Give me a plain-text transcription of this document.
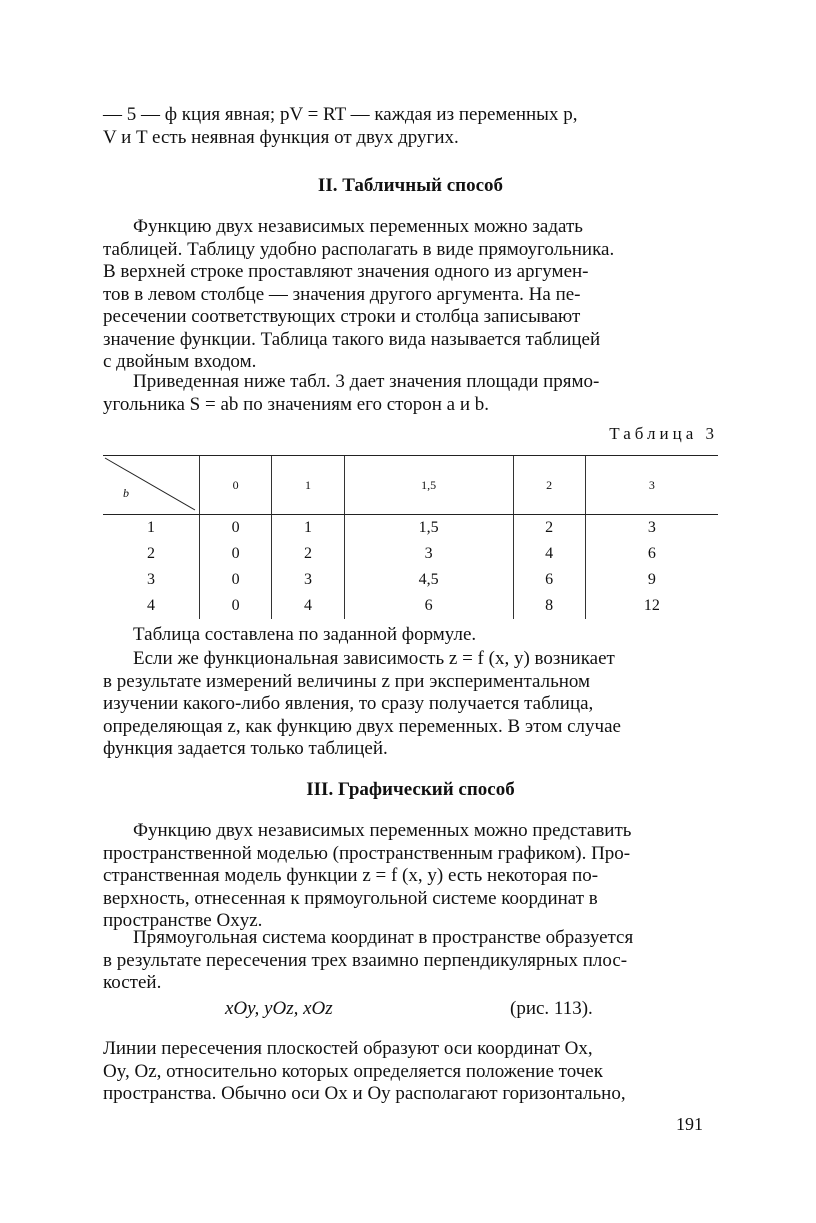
— 5 — ф кция явная; pV = RT — каждая из переменных p,

V и T есть неявная функция от двух других.

II. Табличный способ

Функцию двух независимых переменных можно задать

таблицей. Таблицу удобно располагать в виде прямоугольника.

В верхней строке проставляют значения одного из аргумен-

тов в левом столбце — значения другого аргумента. На пе-

ресечении соответствующих строки и столбца записывают

значение функции. Таблица такого вида называется таблицей

с двойным входом.

Приведенная ниже табл. 3 дает значения площади прямо-

угольника S = ab по значениям его сторон a и b.

Таблица 3
b	0	1	1,5	2	3
1	0	1	1,5	2	3
2	0	2	3	4	6
3	0	3	4,5	6	9
4	0	4	6	8	12

Таблица составлена по заданной формуле.

Если же функциональная зависимость z = f (x, y) возникает

в результате измерений величины z при экспериментальном

изучении какого-либо явления, то сразу получается таблица,

определяющая z, как функцию двух переменных. В этом случае

функция задается только таблицей.

III. Графический способ

Функцию двух независимых переменных можно представить

пространственной моделью (пространственным графиком). Про-

странственная модель функции z = f (x, y) есть некоторая по-

верхность, отнесенная к прямоугольной системе координат в

пространстве Oxyz.

Прямоугольная система координат в пространстве образуется

в результате пересечения трех взаимно перпендикулярных плос-

костей.

xOy, yOz, xOz	(рис. 113).

Линии пересечения плоскостей образуют оси координат Ox,

Oy, Oz, относительно которых определяется положение точек

пространства. Обычно оси Ox и Oy располагают горизонтально,

191
